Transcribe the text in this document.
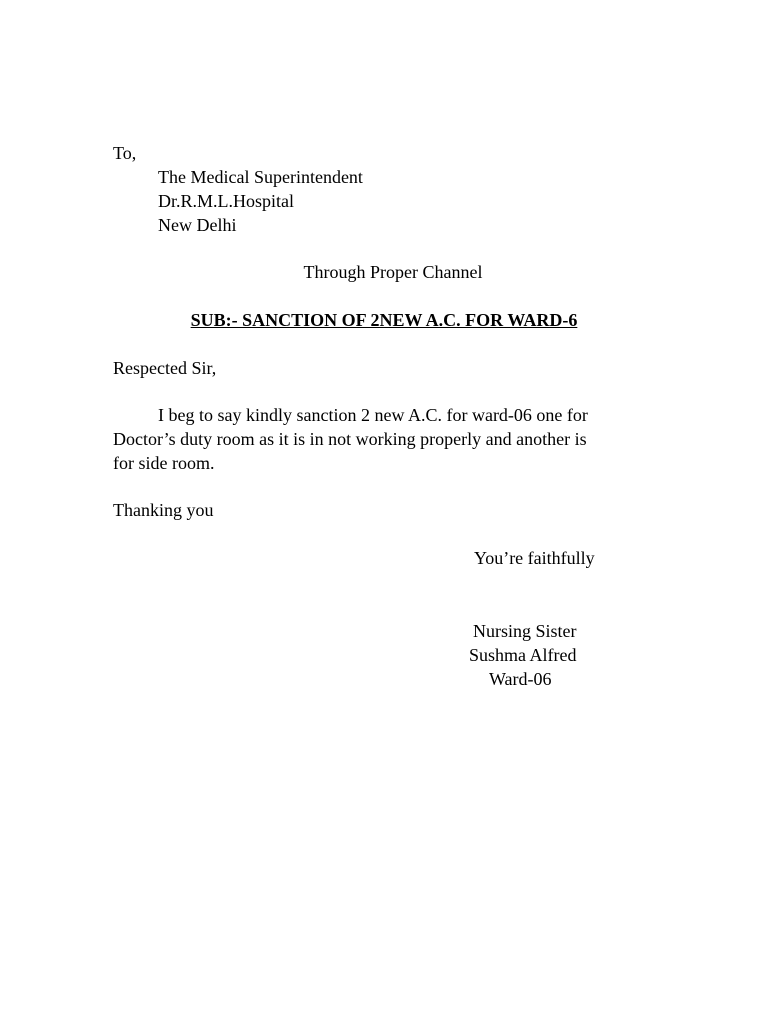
To,
The Medical Superintendent
Dr.R.M.L.Hospital
New Delhi
Through Proper Channel
SUB:- SANCTION OF 2NEW A.C. FOR WARD-6
Respected Sir,
I beg to say kindly sanction 2 new A.C. for ward-06 one for
Doctor’s duty room as it is in not working properly and another is
for side room.
Thanking you
You’re faithfully
Nursing Sister
Sushma Alfred
Ward-06
